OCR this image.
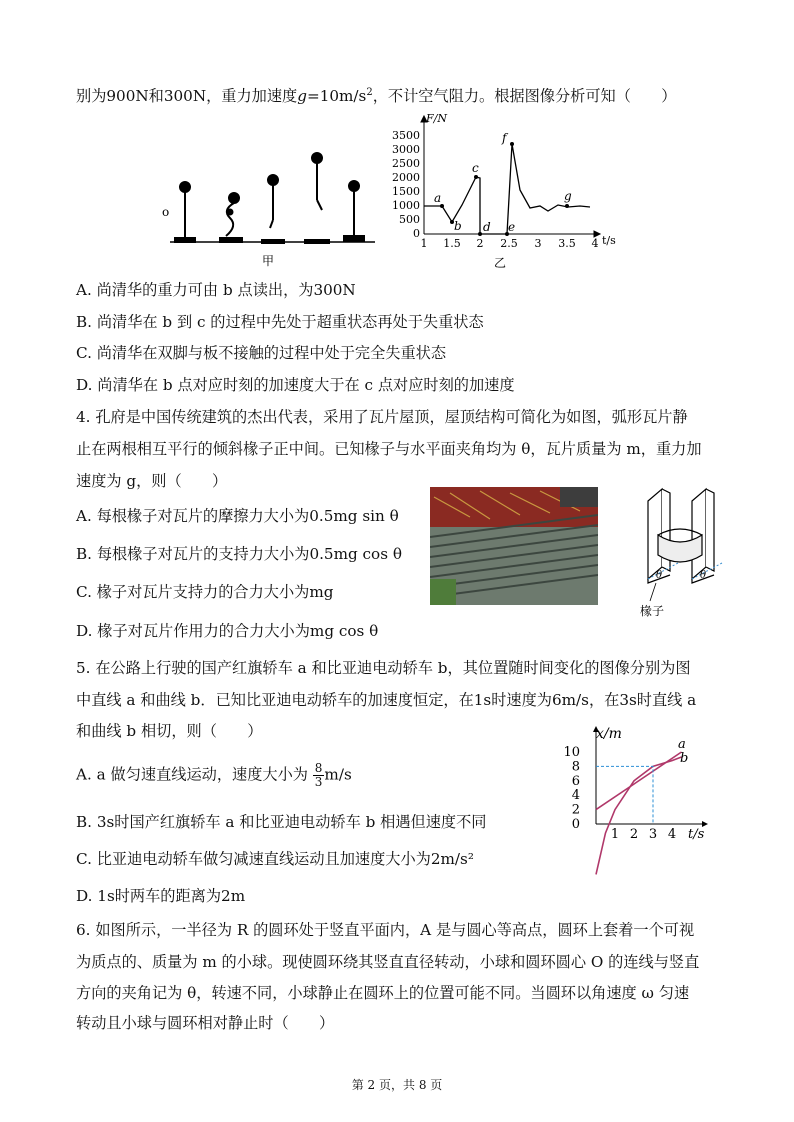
别为900N和300N，重力加速度$g=10m/s^2$，不计空气阻力。根据图像分析可知（　　）
o
甲
F/N
t/s
3500
3000
2500
2000
1500
1000
500
0
1 1.5 2 2.5 3 3.5 4
a
b
c
d e
f
g
乙
A. 尚清华的重力可由 b 点读出，为300N
B. 尚清华在 b 到 c 的过程中先处于超重状态再处于失重状态
C. 尚清华在双脚与板不接触的过程中处于完全失重状态
D. 尚清华在 b 点对应时刻的加速度大于在 c 点对应时刻的加速度
4. 孔府是中国传统建筑的杰出代表，采用了瓦片屋顶，屋顶结构可简化为如图，弧形瓦片静
止在两根相互平行的倾斜椽子正中间。已知椽子与水平面夹角均为 θ，瓦片质量为 m，重力加
速度为 g，则（　　）
A. 每根椽子对瓦片的摩擦力大小为0.5mg sin θ
B. 每根椽子对瓦片的支持力大小为0.5mg cos θ
C. 椽子对瓦片支持力的合力大小为mg
D. 椽子对瓦片作用力的合力大小为mg cos θ
θ	θ
椽子
5. 在公路上行驶的国产红旗轿车 a 和比亚迪电动轿车 b，其位置随时间变化的图像分别为图
中直线 a 和曲线 b．已知比亚迪电动轿车的加速度恒定，在1s时速度为6m/s，在3s时直线 a
和曲线 b 相切，则（　　）
A. a 做匀速直线运动，速度大小为 $\frac{8}{3} m/s$
B. 3s时国产红旗轿车 a 和比亚迪电动轿车 b 相遇但速度不同
C. 比亚迪电动轿车做匀减速直线运动且加速度大小为2m/s²
D. 1s时两车的距离为2m
x/m
t/s
10
8
6
4
2
0
1 2 3 4
a
b
6. 如图所示，一半径为 R 的圆环处于竖直平面内，A 是与圆心等高点，圆环上套着一个可视
为质点的、质量为 m 的小球。现使圆环绕其竖直直径转动，小球和圆环圆心 O 的连线与竖直
方向的夹角记为 θ，转速不同，小球静止在圆环上的位置可能不同。当圆环以角速度 ω 匀速
转动且小球与圆环相对静止时（　　）
第 2 页，共 8 页
